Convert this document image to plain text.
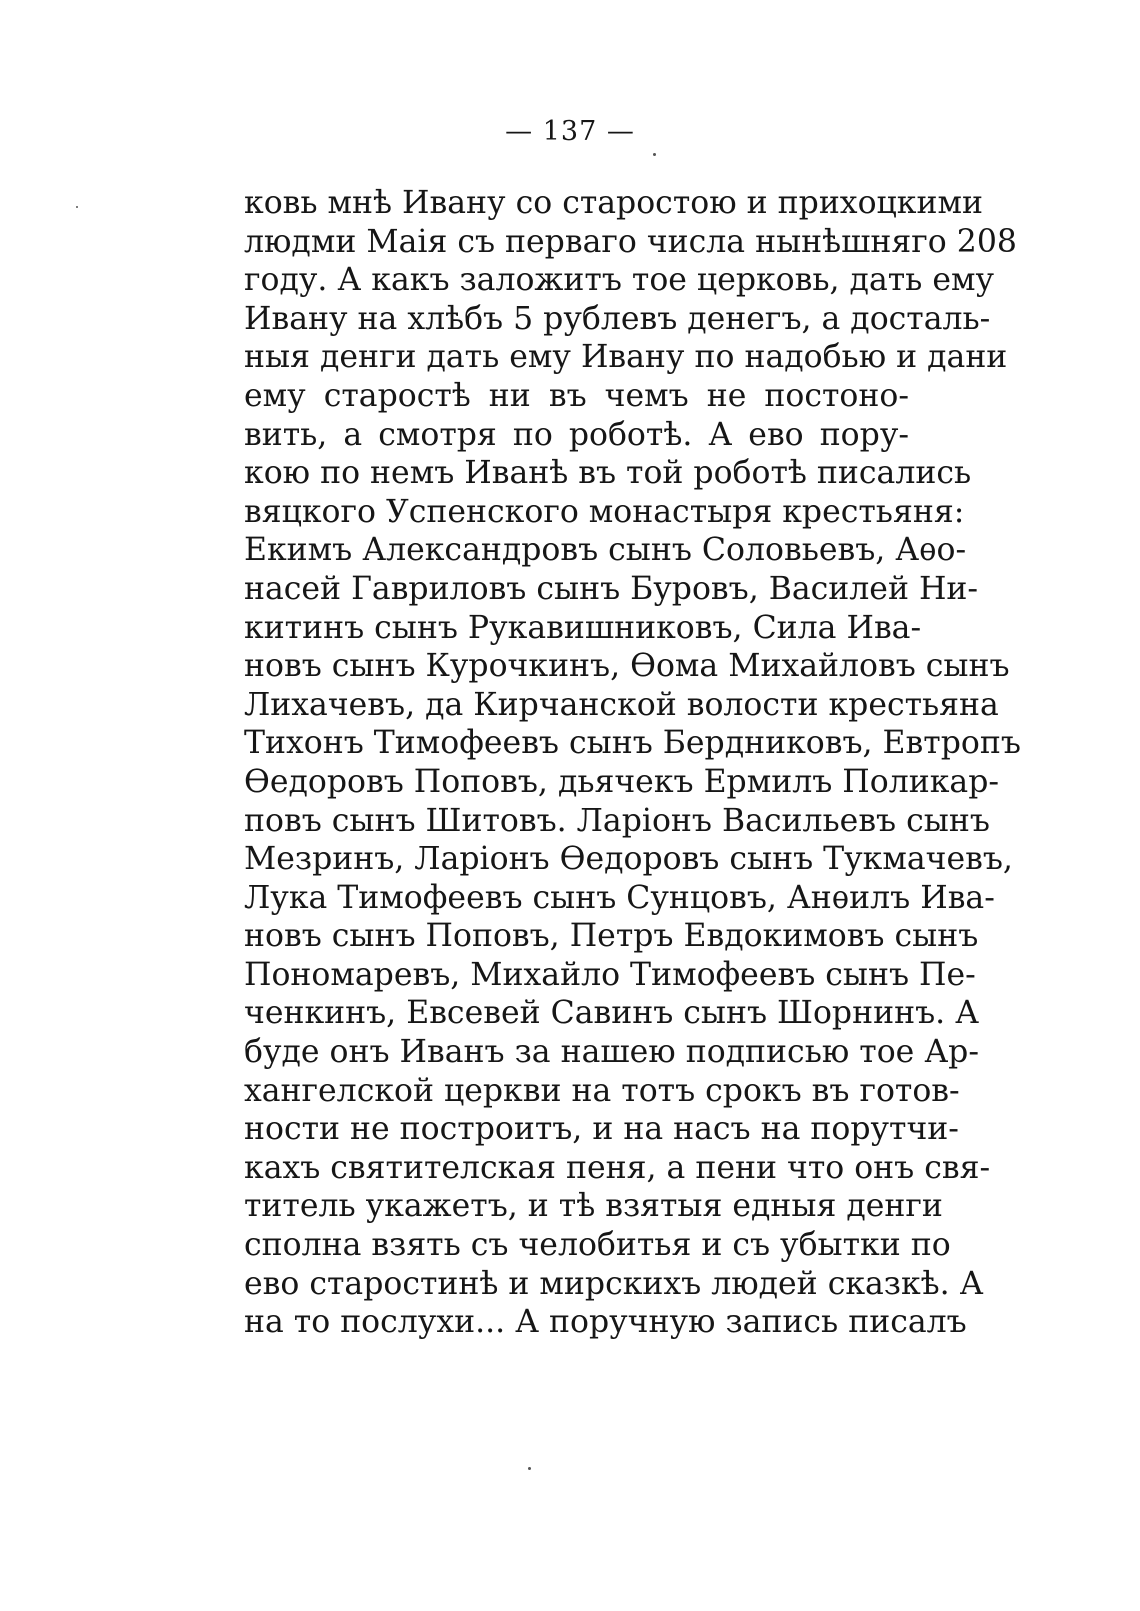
— 137 —
ковь мнѣ Ивану со старостою и прихоцкими
людми Маія съ перваго числа нынѣшняго 208
году. А какъ заложитъ тое церковь, дать ему
Ивану на хлѣбъ 5 рублевъ денегъ, а досталь-
ныя денги дать ему Ивану по надобью и дани
ему старостѣ ни въ чемъ не постоно-
вить, а смотря по роботѣ. А ево пору-
кою по немъ Иванѣ въ той роботѣ писались
вяцкого Успенского монастыря крестьяня:
Екимъ Александровъ сынъ Соловьевъ, Аѳо-
насей Гавриловъ сынъ Буровъ, Василей Ни-
китинъ сынъ Рукавишниковъ, Сила Ива-
новъ сынъ Курочкинъ, Ѳома Михайловъ сынъ
Лихачевъ, да Кирчанской волости крестьяна
Тихонъ Тимофеевъ сынъ Бердниковъ, Евтропъ
Ѳедоровъ Поповъ, дьячекъ Ермилъ Поликар-
повъ сынъ Шитовъ. Ларіонъ Васильевъ сынъ
Мезринъ, Ларіонъ Ѳедоровъ сынъ Тукмачевъ,
Лука Тимофеевъ сынъ Сунцовъ, Анѳилъ Ива-
новъ сынъ Поповъ, Петръ Евдокимовъ сынъ
Пономаревъ, Михайло Тимофеевъ сынъ Пе-
ченкинъ, Евсевей Савинъ сынъ Шорнинъ. А
буде онъ Иванъ за нашею подписью тое Ар-
хангелской церкви на тотъ срокъ въ готов-
ности не построитъ, и на насъ на порутчи-
кахъ святителская пеня, а пени что онъ свя-
титель укажетъ, и тѣ взятыя едныя денги
сполна взять съ челобитья и съ убытки по
ево старостинѣ и мирскихъ людей сказкѣ. А
на то послухи... А поручную запись писалъ
